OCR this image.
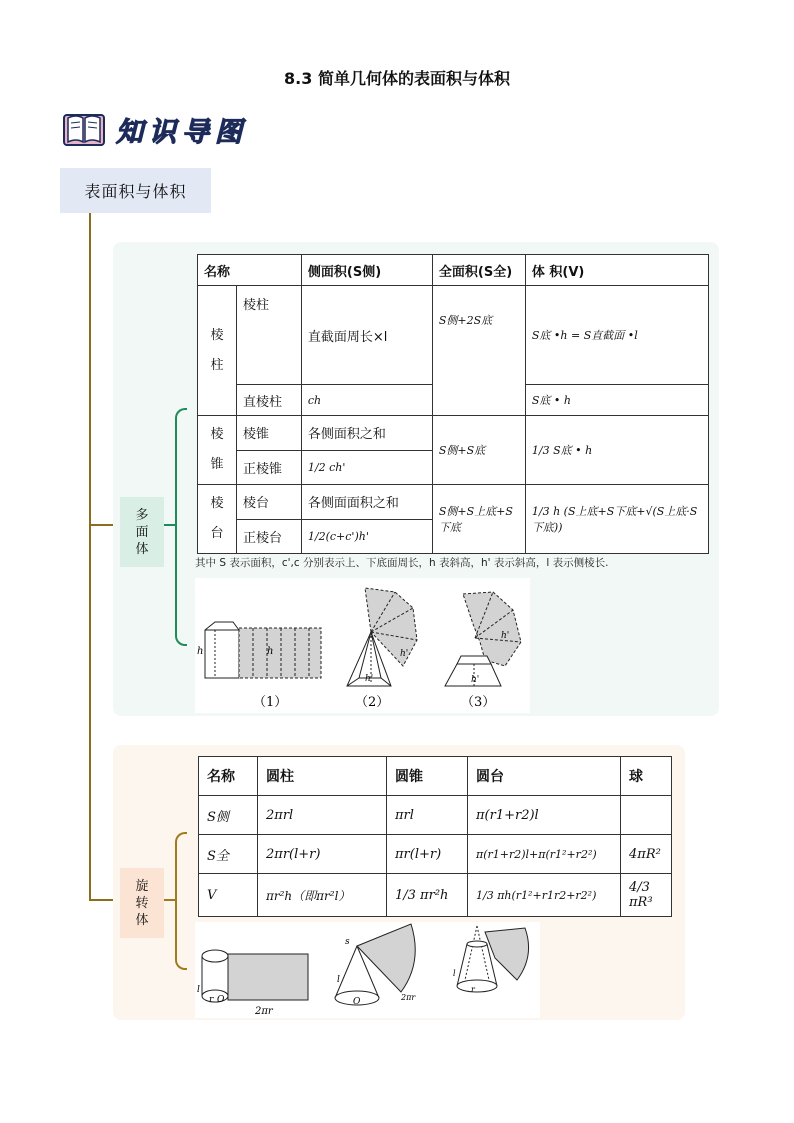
8.3 简单几何体的表面积与体积
知识导图
表面积与体积
多
面
体
旋
转
体
名称		侧面积(S侧)	全面积(S全)	体 积(V)

棱
柱	棱柱	直截面周长×l	S侧+2S底	S底 •h = S直截面 •l
	直棱柱	ch		S底 • h

棱
锥	棱锥	各侧面积之和	S侧+S底	1/3 S底 • h
	正棱锥	1/2 ch'		

棱
台	棱台	各侧面面积之和	S侧+S上底+S下底	1/3 h (S上底+S下底+√(S上底·S下底))
	正棱台	1/2(c+c')h'		
其中 S 表示面积，c',c 分别表示上、下底面周长，h 表斜高，h' 表示斜高，l 表示侧棱长.
h	h	h'
h'
h'
h'
（1）	（2）	（3）
名称	圆柱	圆锥	圆台	球
S侧	2πrl	πrl	π(r1+r2)l	
S全	2πr(l+r)	πr(l+r)	π(r1+r2)l+π(r1²+r2²)	4πR²
V	πr²h（即πr²l）	1/3 πr²h	1/3 πh(r1²+r1r2+r2²)	4/3 πR³
l
r O
2πr
s
l
O	2πr
l
r
